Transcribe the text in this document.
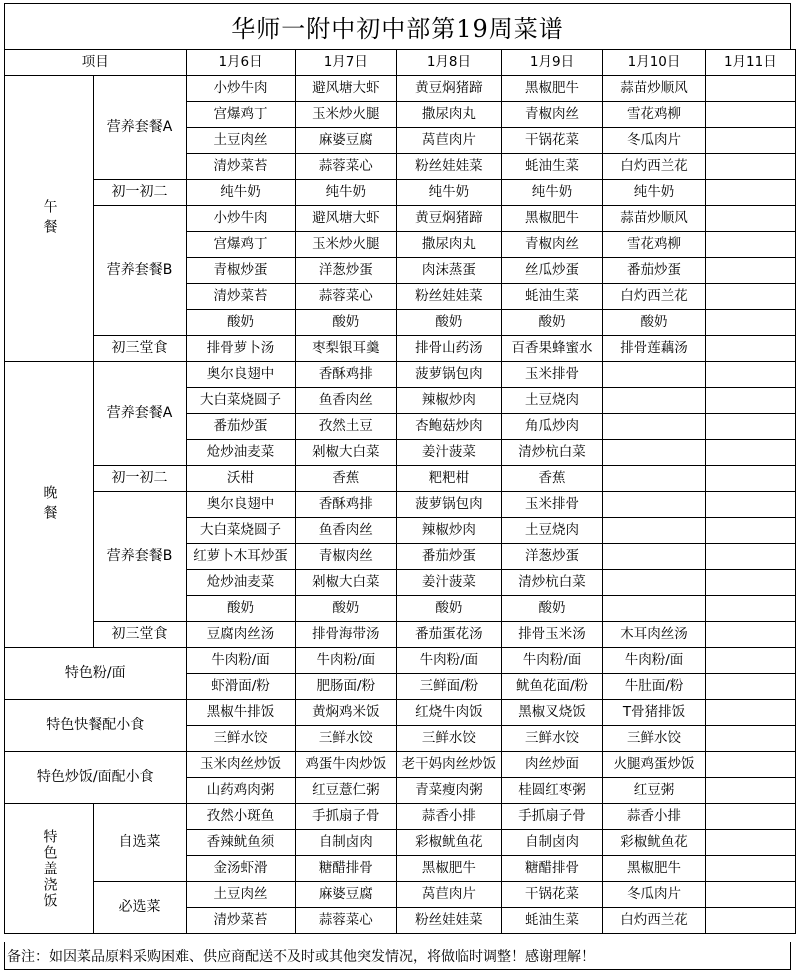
华师一附中初中部第19周菜谱
项目		1月6日	1月7日	1月8日	1月9日	1月10日	1月11日
午餐	营养套餐A	小炒牛肉	避风塘大虾	黄豆焖猪蹄	黑椒肥牛	蒜苗炒顺风	
		宫爆鸡丁	玉米炒火腿	撒尿肉丸	青椒肉丝	雪花鸡柳	
		土豆肉丝	麻婆豆腐	莴苣肉片	干锅花菜	冬瓜肉片	
		清炒菜苔	蒜蓉菜心	粉丝娃娃菜	蚝油生菜	白灼西兰花	
	初一初二	纯牛奶	纯牛奶	纯牛奶	纯牛奶	纯牛奶	
	营养套餐B	小炒牛肉	避风塘大虾	黄豆焖猪蹄	黑椒肥牛	蒜苗炒顺风	
		宫爆鸡丁	玉米炒火腿	撒尿肉丸	青椒肉丝	雪花鸡柳	
		青椒炒蛋	洋葱炒蛋	肉沫蒸蛋	丝瓜炒蛋	番茄炒蛋	
		清炒菜苔	蒜蓉菜心	粉丝娃娃菜	蚝油生菜	白灼西兰花	
		酸奶	酸奶	酸奶	酸奶	酸奶	
	初三堂食	排骨萝卜汤	枣梨银耳羹	排骨山药汤	百香果蜂蜜水	排骨莲藕汤	
晚餐	营养套餐A	奥尔良翅中	香酥鸡排	菠萝锅包肉	玉米排骨		
		大白菜烧圆子	鱼香肉丝	辣椒炒肉	土豆烧肉		
		番茄炒蛋	孜然土豆	杏鲍菇炒肉	角瓜炒肉		
		炝炒油麦菜	剁椒大白菜	姜汁菠菜	清炒杭白菜		
	初一初二	沃柑	香蕉	粑粑柑	香蕉		
	营养套餐B	奥尔良翅中	香酥鸡排	菠萝锅包肉	玉米排骨		
		大白菜烧圆子	鱼香肉丝	辣椒炒肉	土豆烧肉		
		红萝卜木耳炒蛋	青椒肉丝	番茄炒蛋	洋葱炒蛋		
		炝炒油麦菜	剁椒大白菜	姜汁菠菜	清炒杭白菜		
		酸奶	酸奶	酸奶	酸奶		
	初三堂食	豆腐肉丝汤	排骨海带汤	番茄蛋花汤	排骨玉米汤	木耳肉丝汤	
特色粉/面		牛肉粉/面	牛肉粉/面	牛肉粉/面	牛肉粉/面	牛肉粉/面	
		虾滑面/粉	肥肠面/粉	三鲜面/粉	鱿鱼花面/粉	牛肚面/粉	
特色快餐配小食		黑椒牛排饭	黄焖鸡米饭	红烧牛肉饭	黑椒叉烧饭	T骨猪排饭	
		三鲜水饺	三鲜水饺	三鲜水饺	三鲜水饺	三鲜水饺	
特色炒饭/面配小食		玉米肉丝炒饭	鸡蛋牛肉炒饭	老干妈肉丝炒饭	肉丝炒面	火腿鸡蛋炒饭	
		山药鸡肉粥	红豆薏仁粥	青菜瘦肉粥	桂圆红枣粥	红豆粥	
特色盖浇饭	自选菜	孜然小斑鱼	手抓扇子骨	蒜香小排	手抓扇子骨	蒜香小排	
		香辣鱿鱼须	自制卤肉	彩椒鱿鱼花	自制卤肉	彩椒鱿鱼花	
		金汤虾滑	糖醋排骨	黑椒肥牛	糖醋排骨	黑椒肥牛	
	必选菜	土豆肉丝	麻婆豆腐	莴苣肉片	干锅花菜	冬瓜肉片	
		清炒菜苔	蒜蓉菜心	粉丝娃娃菜	蚝油生菜	白灼西兰花	
备注：如因菜品原料采购困难、供应商配送不及时或其他突发情况，将做临时调整！感谢理解！
